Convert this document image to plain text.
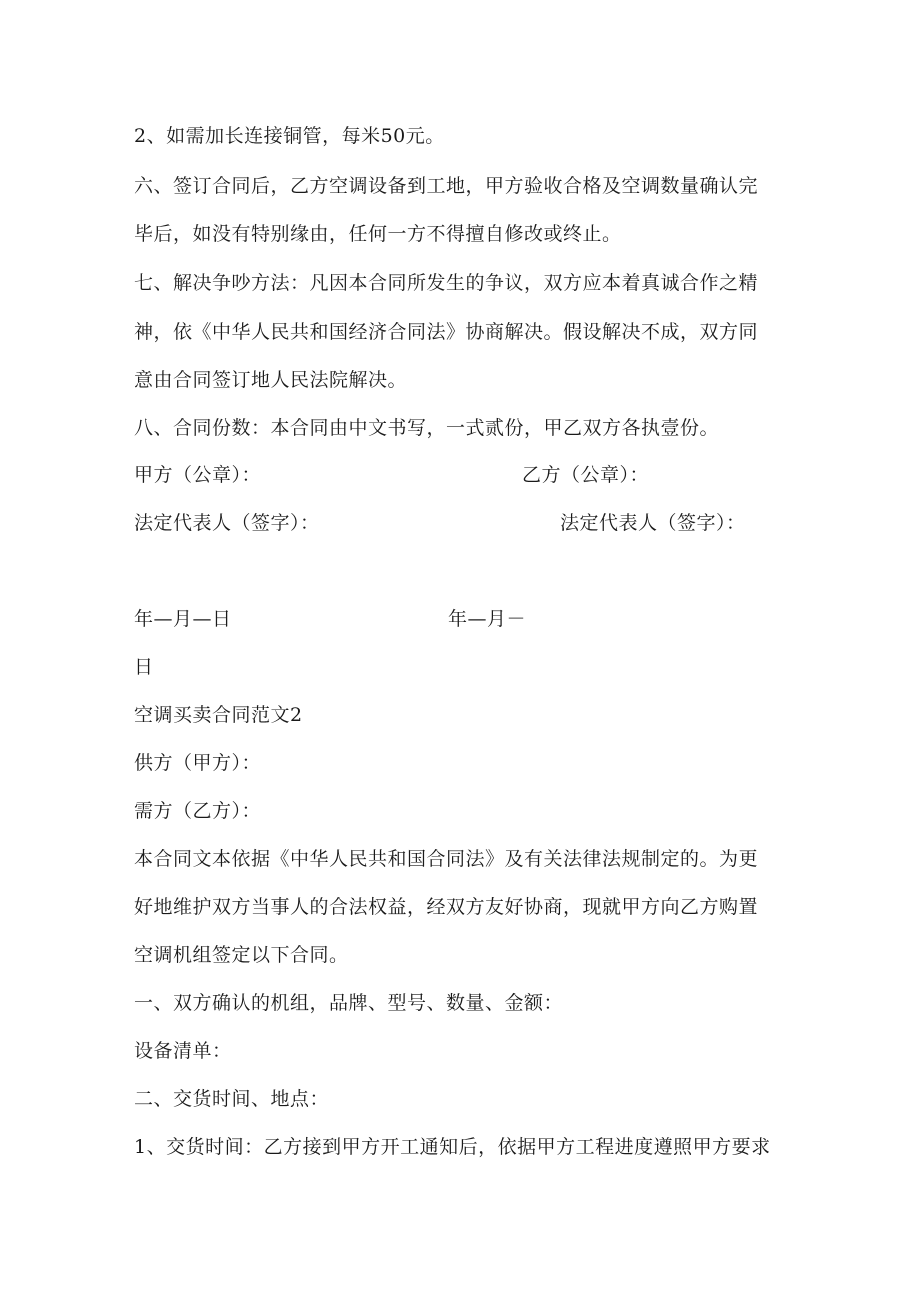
2、如需加长连接铜管，每米50元。
六、签订合同后，乙方空调设备到工地，甲方验收合格及空调数量确认完
毕后，如没有特别缘由，任何一方不得擅自修改或终止。
七、解决争吵方法：凡因本合同所发生的争议，双方应本着真诚合作之精
神，依《中华人民共和国经济合同法》协商解决。假设解决不成，双方同
意由合同签订地人民法院解决。
八、合同份数：本合同由中文书写，一式贰份，甲乙双方各执壹份。
甲方（公章）：	乙方（公章）：
法定代表人（签字）：	法定代表人（签字）：
年—月—日	年—月－
日
空调买卖合同范文2
供方（甲方）：
需方（乙方）：
本合同文本依据《中华人民共和国合同法》及有关法律法规制定的。为更
好地维护双方当事人的合法权益，经双方友好协商，现就甲方向乙方购置
空调机组签定以下合同。
一、双方确认的机组，品牌、型号、数量、金额：
设备清单：
二、交货时间、地点：
1、交货时间：乙方接到甲方开工通知后，依据甲方工程进度遵照甲方要求
